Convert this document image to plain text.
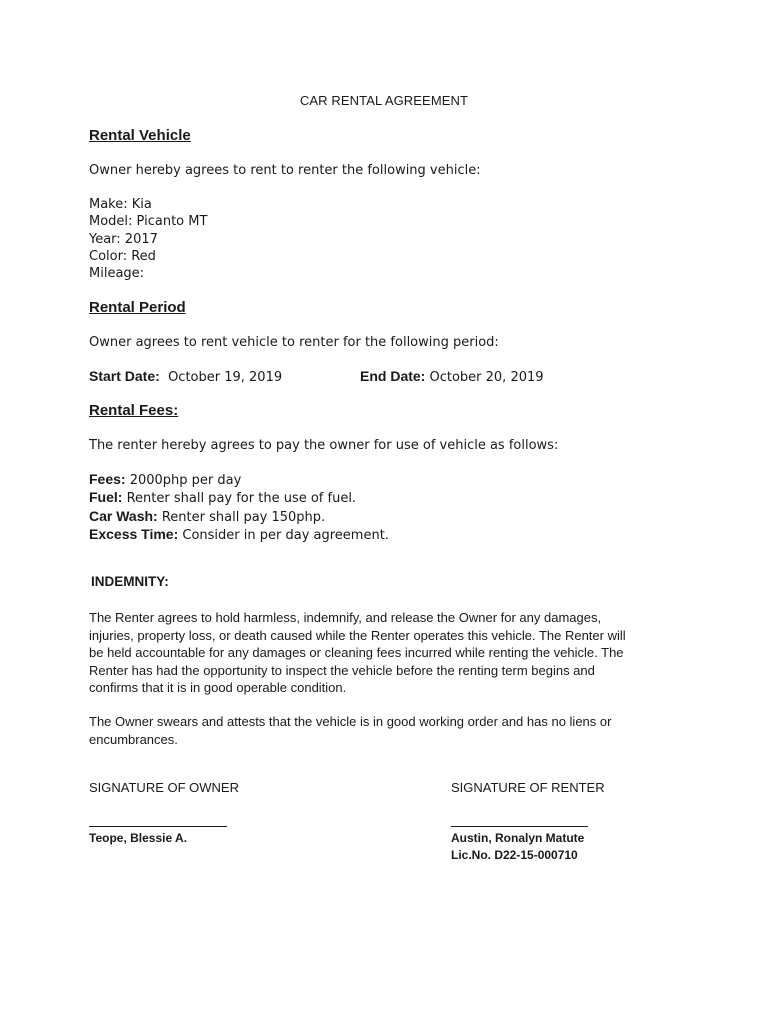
CAR RENTAL AGREEMENT
Rental Vehicle
Owner hereby agrees to rent to renter the following vehicle:
Make: Kia
Model: Picanto MT
Year: 2017
Color: Red
Mileage:
Rental Period
Owner agrees to rent vehicle to renter for the following period:
Start Date: October 19, 2019	End Date: October 20, 2019
Rental Fees:
The renter hereby agrees to pay the owner for use of vehicle as follows:
Fees: 2000php per day
Fuel: Renter shall pay for the use of fuel.
Car Wash: Renter shall pay 150php.
Excess Time: Consider in per day agreement.
INDEMNITY:
The Renter agrees to hold harmless, indemnify, and release the Owner for any damages,
injuries, property loss, or death caused while the Renter operates this vehicle. The Renter will
be held accountable for any damages or cleaning fees incurred while renting the vehicle. The
Renter has had the opportunity to inspect the vehicle before the renting term begins and
confirms that it is in good operable condition.
The Owner swears and attests that the vehicle is in good working order and has no liens or
encumbrances.
SIGNATURE OF OWNER	SIGNATURE OF RENTER
Teope, Blessie A.	Austin, Ronalyn Matute
Lic.No. D22-15-000710
